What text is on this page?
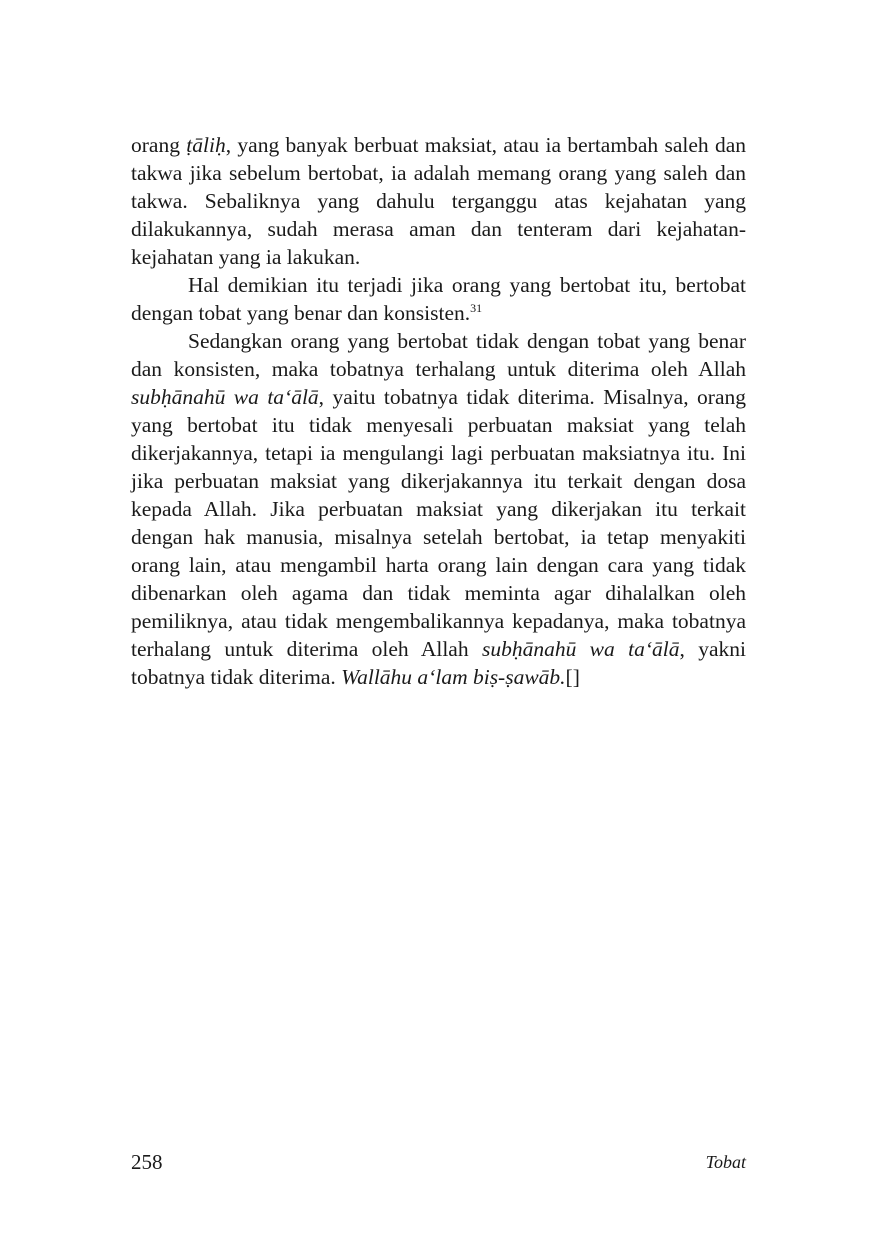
orang ṭāliḥ, yang banyak berbuat maksiat, atau ia bertambah saleh dan takwa jika sebelum bertobat, ia adalah memang orang yang saleh dan takwa. Sebaliknya yang dahulu terganggu atas kejahatan yang dilakukannya, sudah merasa aman dan tenteram dari kejahatan-kejahatan yang ia lakukan.

Hal demikian itu terjadi jika orang yang bertobat itu, bertobat dengan tobat yang benar dan konsisten.$^{31}$

Sedangkan orang yang bertobat tidak dengan tobat yang benar dan konsisten, maka tobatnya terhalang untuk diterima oleh Allah subḥānahū wa ta‘ālā, yaitu tobatnya tidak diterima. Misalnya, orang yang bertobat itu tidak menyesali perbuatan maksiat yang telah dikerjakannya, tetapi ia mengulangi lagi perbuatan maksiatnya itu. Ini jika perbuatan maksiat yang dikerjakannya itu terkait dengan dosa kepada Allah. Jika perbuatan maksiat yang dikerjakan itu terkait dengan hak manusia, misalnya setelah bertobat, ia tetap menyakiti orang lain, atau mengambil harta orang lain dengan cara yang tidak dibenarkan oleh agama dan tidak meminta agar dihalalkan oleh pemiliknya, atau tidak mengembalikannya kepadanya, maka tobatnya terhalang untuk diterima oleh Allah subḥānahū wa ta‘ālā, yakni tobatnya tidak diterima. Wallāhu a‘lam biṣ-ṣawāb.[]

258	Tobat
